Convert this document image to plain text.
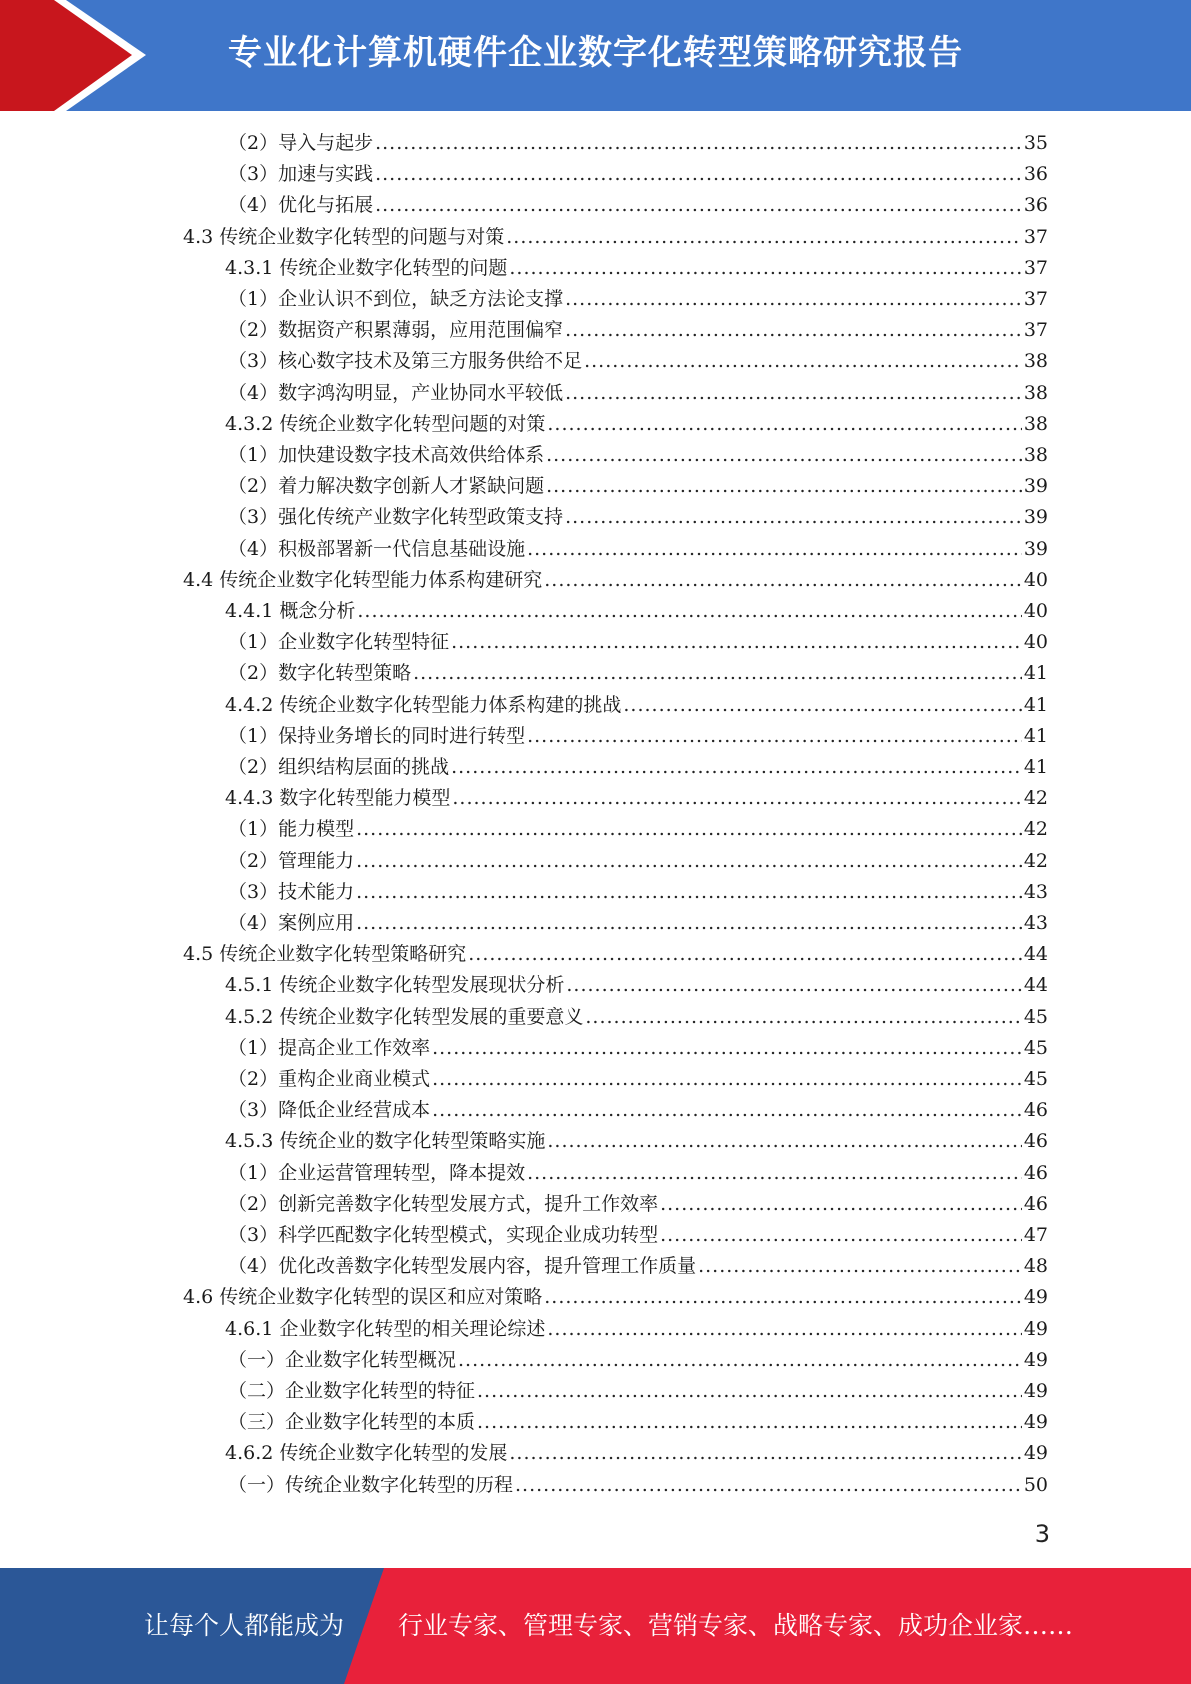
专业化计算机硬件企业数字化转型策略研究报告
（2）导入与起步 .....	35
（3）加速与实践 .....	36
（4）优化与拓展 .....	36
4.3 传统企业数字化转型的问题与对策 .....	37
4.3.1 传统企业数字化转型的问题 .....	37
（1）企业认识不到位，缺乏方法论支撑 .....	37
（2）数据资产积累薄弱，应用范围偏窄 .....	37
（3）核心数字技术及第三方服务供给不足 .....	38
（4）数字鸿沟明显，产业协同水平较低 .....	38
4.3.2 传统企业数字化转型问题的对策 .....	38
（1）加快建设数字技术高效供给体系 .....	38
（2）着力解决数字创新人才紧缺问题 .....	39
（3）强化传统产业数字化转型政策支持 .....	39
（4）积极部署新一代信息基础设施 .....	39
4.4 传统企业数字化转型能力体系构建研究 .....	40
4.4.1 概念分析 .....	40
（1）企业数字化转型特征 .....	40
（2）数字化转型策略 .....	41
4.4.2 传统企业数字化转型能力体系构建的挑战 .....	41
（1）保持业务增长的同时进行转型 .....	41
（2）组织结构层面的挑战 .....	41
4.4.3 数字化转型能力模型 .....	42
（1）能力模型 .....	42
（2）管理能力 .....	42
（3）技术能力 .....	43
（4）案例应用 .....	43
4.5 传统企业数字化转型策略研究 .....	44
4.5.1 传统企业数字化转型发展现状分析 .....	44
4.5.2 传统企业数字化转型发展的重要意义 .....	45
（1）提高企业工作效率 .....	45
（2）重构企业商业模式 .....	45
（3）降低企业经营成本 .....	46
4.5.3 传统企业的数字化转型策略实施 .....	46
（1）企业运营管理转型，降本提效 .....	46
（2）创新完善数字化转型发展方式，提升工作效率 .....	46
（3）科学匹配数字化转型模式，实现企业成功转型 .....	47
（4）优化改善数字化转型发展内容，提升管理工作质量 .....	48
4.6 传统企业数字化转型的误区和应对策略 .....	49
4.6.1 企业数字化转型的相关理论综述 .....	49
（一）企业数字化转型概况 .....	49
（二）企业数字化转型的特征 .....	49
（三）企业数字化转型的本质 .....	49
4.6.2 传统企业数字化转型的发展 .....	49
（一）传统企业数字化转型的历程 .....	50
3
让每个人都能成为 行业专家、管理专家、营销专家、战略专家、成功企业家……
